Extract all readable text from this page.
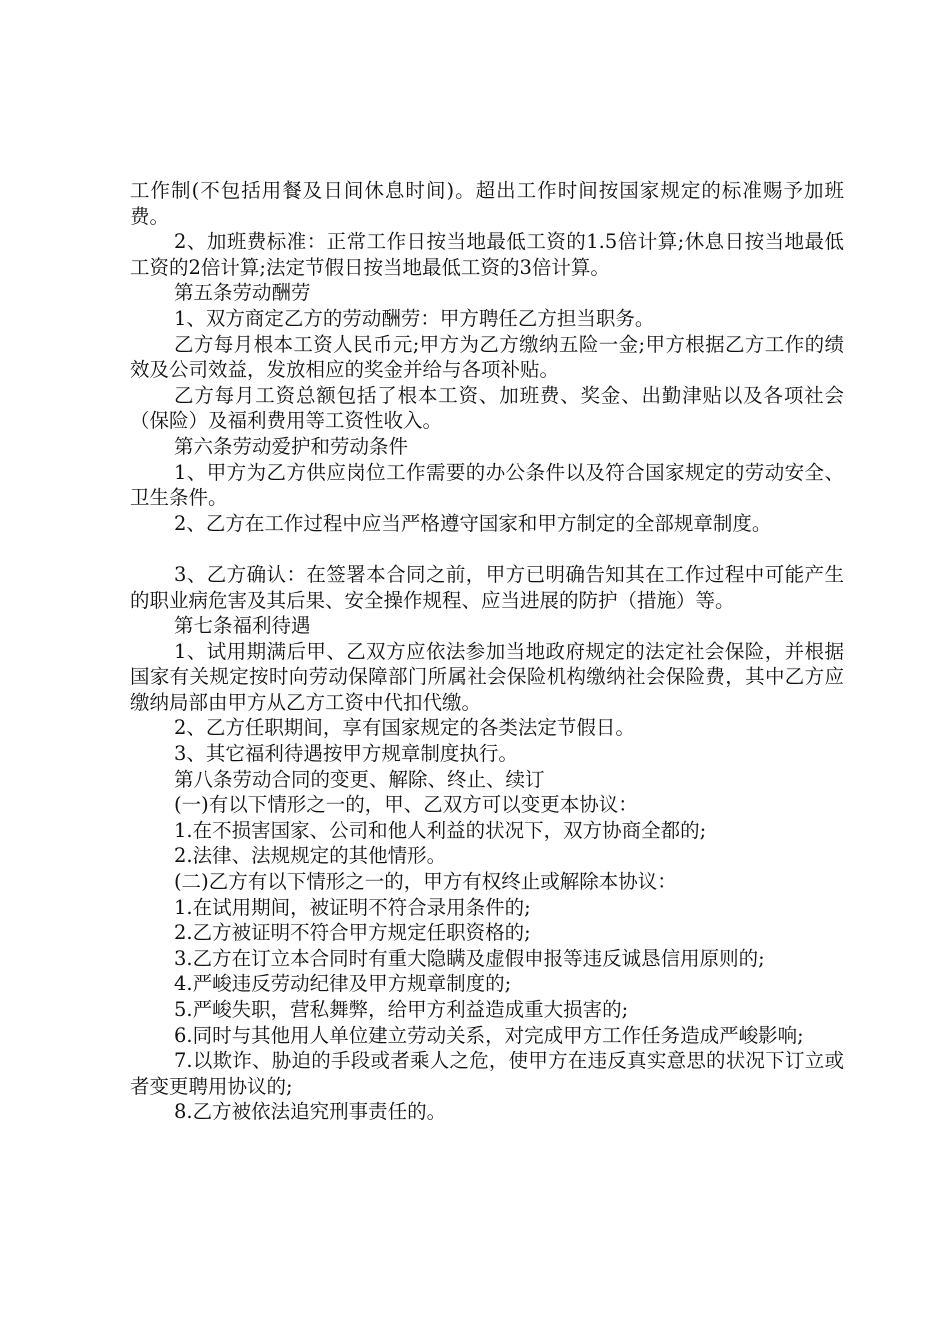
工作制(不包括用餐及日间休息时间)。超出工作时间按国家规定的标准赐予加班费。

2、加班费标准：正常工作日按当地最低工资的1.5倍计算;休息日按当地最低工资的2倍计算;法定节假日按当地最低工资的3倍计算。

第五条劳动酬劳

1、双方商定乙方的劳动酬劳：甲方聘任乙方担当职务。

乙方每月根本工资人民币元;甲方为乙方缴纳五险一金;甲方根据乙方工作的绩效及公司效益，发放相应的奖金并给与各项补贴。

乙方每月工资总额包括了根本工资、加班费、奖金、出勤津贴以及各项社会（保险）及福利费用等工资性收入。

第六条劳动爱护和劳动条件

1、甲方为乙方供应岗位工作需要的办公条件以及符合国家规定的劳动安全、卫生条件。

2、乙方在工作过程中应当严格遵守国家和甲方制定的全部规章制度。

3、乙方确认：在签署本合同之前，甲方已明确告知其在工作过程中可能产生的职业病危害及其后果、安全操作规程、应当进展的防护（措施）等。

第七条福利待遇

1、试用期满后甲、乙双方应依法参加当地政府规定的法定社会保险，并根据国家有关规定按时向劳动保障部门所属社会保险机构缴纳社会保险费，其中乙方应缴纳局部由甲方从乙方工资中代扣代缴。

2、乙方任职期间，享有国家规定的各类法定节假日。

3、其它福利待遇按甲方规章制度执行。

第八条劳动合同的变更、解除、终止、续订

(一)有以下情形之一的，甲、乙双方可以变更本协议：

1.在不损害国家、公司和他人利益的状况下，双方协商全都的;

2.法律、法规规定的其他情形。

(二)乙方有以下情形之一的，甲方有权终止或解除本协议：

1.在试用期间，被证明不符合录用条件的;

2.乙方被证明不符合甲方规定任职资格的;

3.乙方在订立本合同时有重大隐瞒及虚假申报等违反诚恳信用原则的;

4.严峻违反劳动纪律及甲方规章制度的;

5.严峻失职，营私舞弊，给甲方利益造成重大损害的;

6.同时与其他用人单位建立劳动关系，对完成甲方工作任务造成严峻影响;

7.以欺诈、胁迫的手段或者乘人之危，使甲方在违反真实意思的状况下订立或者变更聘用协议的;

8.乙方被依法追究刑事责任的。
